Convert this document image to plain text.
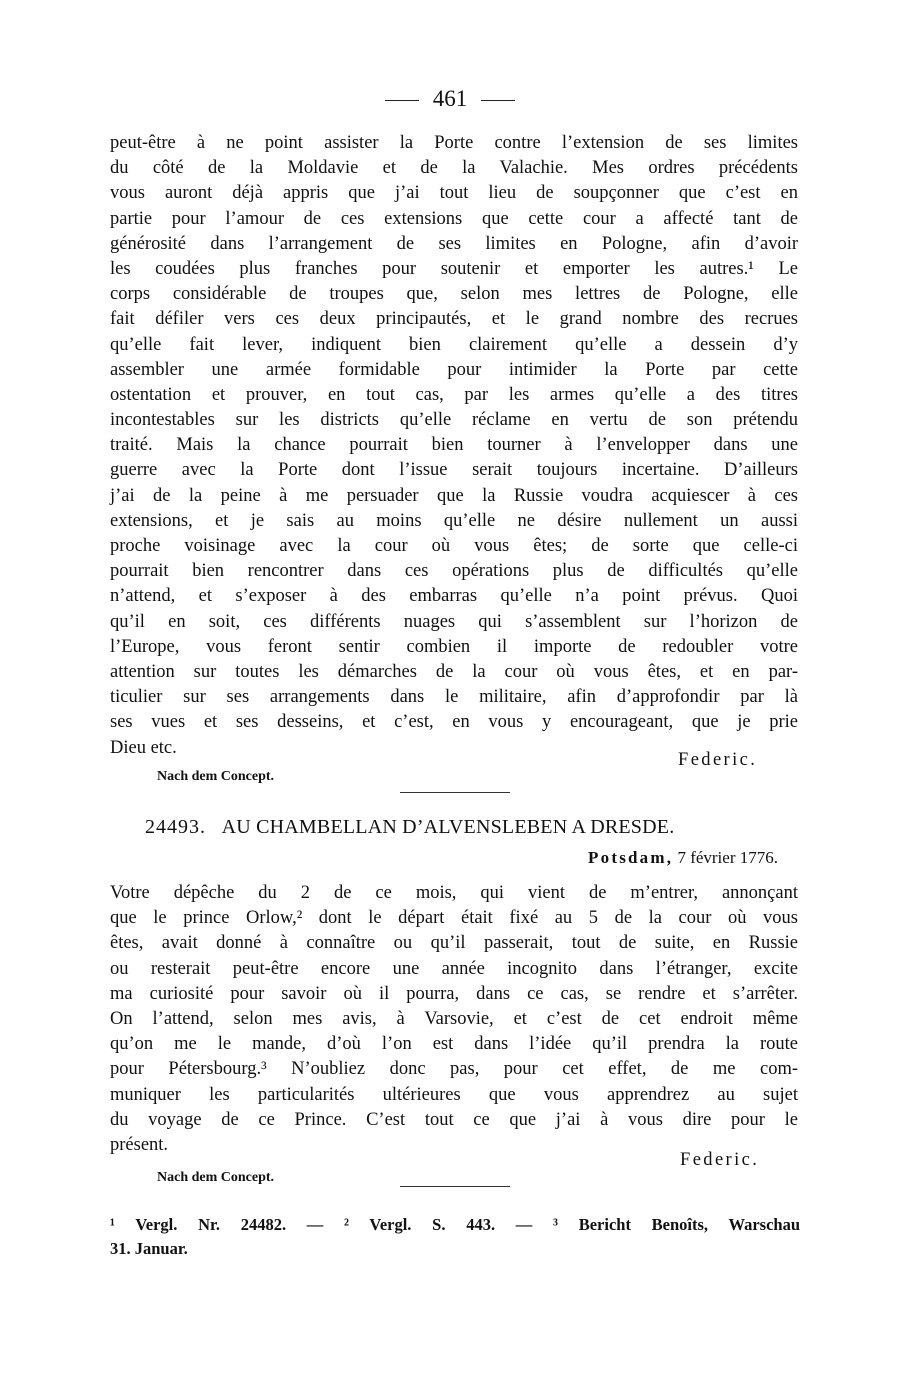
461
peut-être à ne point assister la Porte contre l’extension de ses limites
du côté de la Moldavie et de la Valachie. Mes ordres précédents
vous auront déjà appris que j’ai tout lieu de soupçonner que c’est en
partie pour l’amour de ces extensions que cette cour a affecté tant de
générosité dans l’arrangement de ses limites en Pologne, afin d’avoir
les coudées plus franches pour soutenir et emporter les autres.¹ Le
corps considérable de troupes que, selon mes lettres de Pologne, elle
fait défiler vers ces deux principautés, et le grand nombre des recrues
qu’elle fait lever, indiquent bien clairement qu’elle a dessein d’y
assembler une armée formidable pour intimider la Porte par cette
ostentation et prouver, en tout cas, par les armes qu’elle a des titres
incontestables sur les districts qu’elle réclame en vertu de son prétendu
traité. Mais la chance pourrait bien tourner à l’envelopper dans une
guerre avec la Porte dont l’issue serait toujours incertaine. D’ailleurs
j’ai de la peine à me persuader que la Russie voudra acquiescer à ces
extensions, et je sais au moins qu’elle ne désire nullement un aussi
proche voisinage avec la cour où vous êtes; de sorte que celle-ci
pourrait bien rencontrer dans ces opérations plus de difficultés qu’elle
n’attend, et s’exposer à des embarras qu’elle n’a point prévus. Quoi
qu’il en soit, ces différents nuages qui s’assemblent sur l’horizon de
l’Europe, vous feront sentir combien il importe de redoubler votre
attention sur toutes les démarches de la cour où vous êtes, et en par-
ticulier sur ses arrangements dans le militaire, afin d’approfondir par là
ses vues et ses desseins, et c’est, en vous y encourageant, que je prie
Dieu etc.
Federic.
Nach dem Concept.
24493. AU CHAMBELLAN D’ALVENSLEBEN A DRESDE.
Potsdam, 7 février 1776.
Votre dépêche du 2 de ce mois, qui vient de m’entrer, annonçant
que le prince Orlow,² dont le départ était fixé au 5 de la cour où vous
êtes, avait donné à connaître ou qu’il passerait, tout de suite, en Russie
ou resterait peut-être encore une année incognito dans l’étranger, excite
ma curiosité pour savoir où il pourra, dans ce cas, se rendre et s’arrêter.
On l’attend, selon mes avis, à Varsovie, et c’est de cet endroit même
qu’on me le mande, d’où l’on est dans l’idée qu’il prendra la route
pour Pétersbourg.³ N’oubliez donc pas, pour cet effet, de me com-
muniquer les particularités ultérieures que vous apprendrez au sujet
du voyage de ce Prince. C’est tout ce que j’ai à vous dire pour le
présent.
Federic.
Nach dem Concept.
¹ Vergl. Nr. 24482. — ² Vergl. S. 443. — ³ Bericht Benoîts, Warschau
31. Januar.
